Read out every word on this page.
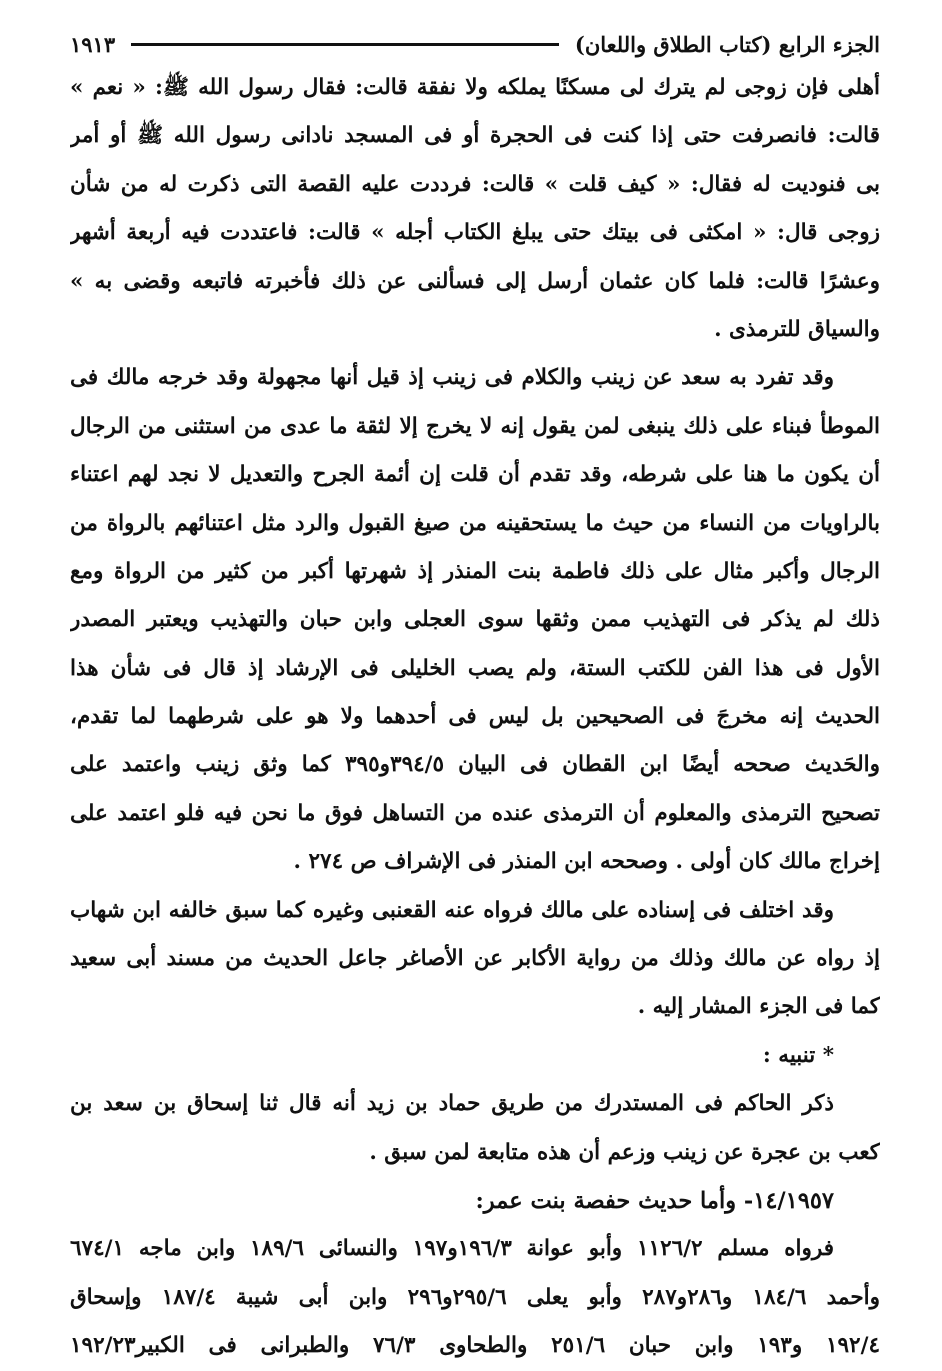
الجزء الرابع (كتاب الطلاق واللعان)
١٩١٣
أهلى فإن زوجى لم يترك لى مسكنًا يملكه ولا نفقة قالت: فقال رسول الله ﷺ: « نعم »
قالت: فانصرفت حتى إذا كنت فى الحجرة أو فى المسجد نادانى رسول الله ﷺ أو أمر
بى فنوديت له فقال: « كيف قلت » قالت: فرددت عليه القصة التى ذكرت له من شأن
زوجى قال: « امكثى فى بيتك حتى يبلغ الكتاب أجله » قالت: فاعتددت فيه أربعة أشهر
وعشرًا قالت: فلما كان عثمان أرسل إلى فسألنى عن ذلك فأخبرته فاتبعه وقضى به »
والسياق للترمذى .
وقد تفرد به سعد عن زينب والكلام فى زينب إذ قيل أنها مجهولة وقد خرجه مالك فى
الموطأ فبناء على ذلك ينبغى لمن يقول إنه لا يخرج إلا لثقة ما عدى من استثنى من الرجال
أن يكون ما هنا على شرطه، وقد تقدم أن قلت إن أئمة الجرح والتعديل لا نجد لهم اعتناء
بالراويات من النساء من حيث ما يستحقينه من صيغ القبول والرد مثل اعتنائهم بالرواة من
الرجال وأكبر مثال على ذلك فاطمة بنت المنذر إذ شهرتها أكبر من كثير من الرواة ومع
ذلك لم يذكر فى التهذيب ممن وثقها سوى العجلى وابن حبان والتهذيب ويعتبر المصدر
الأول فى هذا الفن للكتب الستة، ولم يصب الخليلى فى الإرشاد إذ قال فى شأن هذا
الحديث إنه مخرجَ فى الصحيحين بل ليس فى أحدهما ولا هو على شرطهما لما تقدم،
والحَديث صححه أيضًا ابن القطان فى البيان ٣٩٤/٥و٣٩٥ كما وثق زينب واعتمد على
تصحيح الترمذى والمعلوم أن الترمذى عنده من التساهل فوق ما نحن فيه فلو اعتمد على
إخراج مالك كان أولى . وصححه ابن المنذر فى الإشراف ص ٢٧٤ .
وقد اختلف فى إسناده على مالك فرواه عنه القعنبى وغيره كما سبق خالفه ابن شهاب
إذ رواه عن مالك وذلك من رواية الأكابر عن الأصاغر جاعل الحديث من مسند أبى سعيد
كما فى الجزء المشار إليه .
* تنبيه :
ذكر الحاكم فى المستدرك من طريق حماد بن زيد أنه قال ثنا إسحاق بن سعد بن
كعب بن عجرة عن زينب وزعم أن هذه متابعة لمن سبق .
١٤/١٩٥٧- وأما حديث حفصة بنت عمر:
فرواه مسلم ١١٢٦/٢ وأبو عوانة ١٩٦/٣و١٩٧ والنسائى ١٨٩/٦ وابن ماجه ٦٧٤/١
وأحمد ١٨٤/٦ و٢٨٦و٢٨٧ وأبو يعلى ٢٩٥/٦و٢٩٦ وابن أبى شيبة ١٨٧/٤ وإسحاق
١٩٢/٤ و١٩٣ وابن حبان ٢٥١/٦ والطحاوى ٧٦/٣ والطبرانى فى الكبير١٩٢/٢٣
